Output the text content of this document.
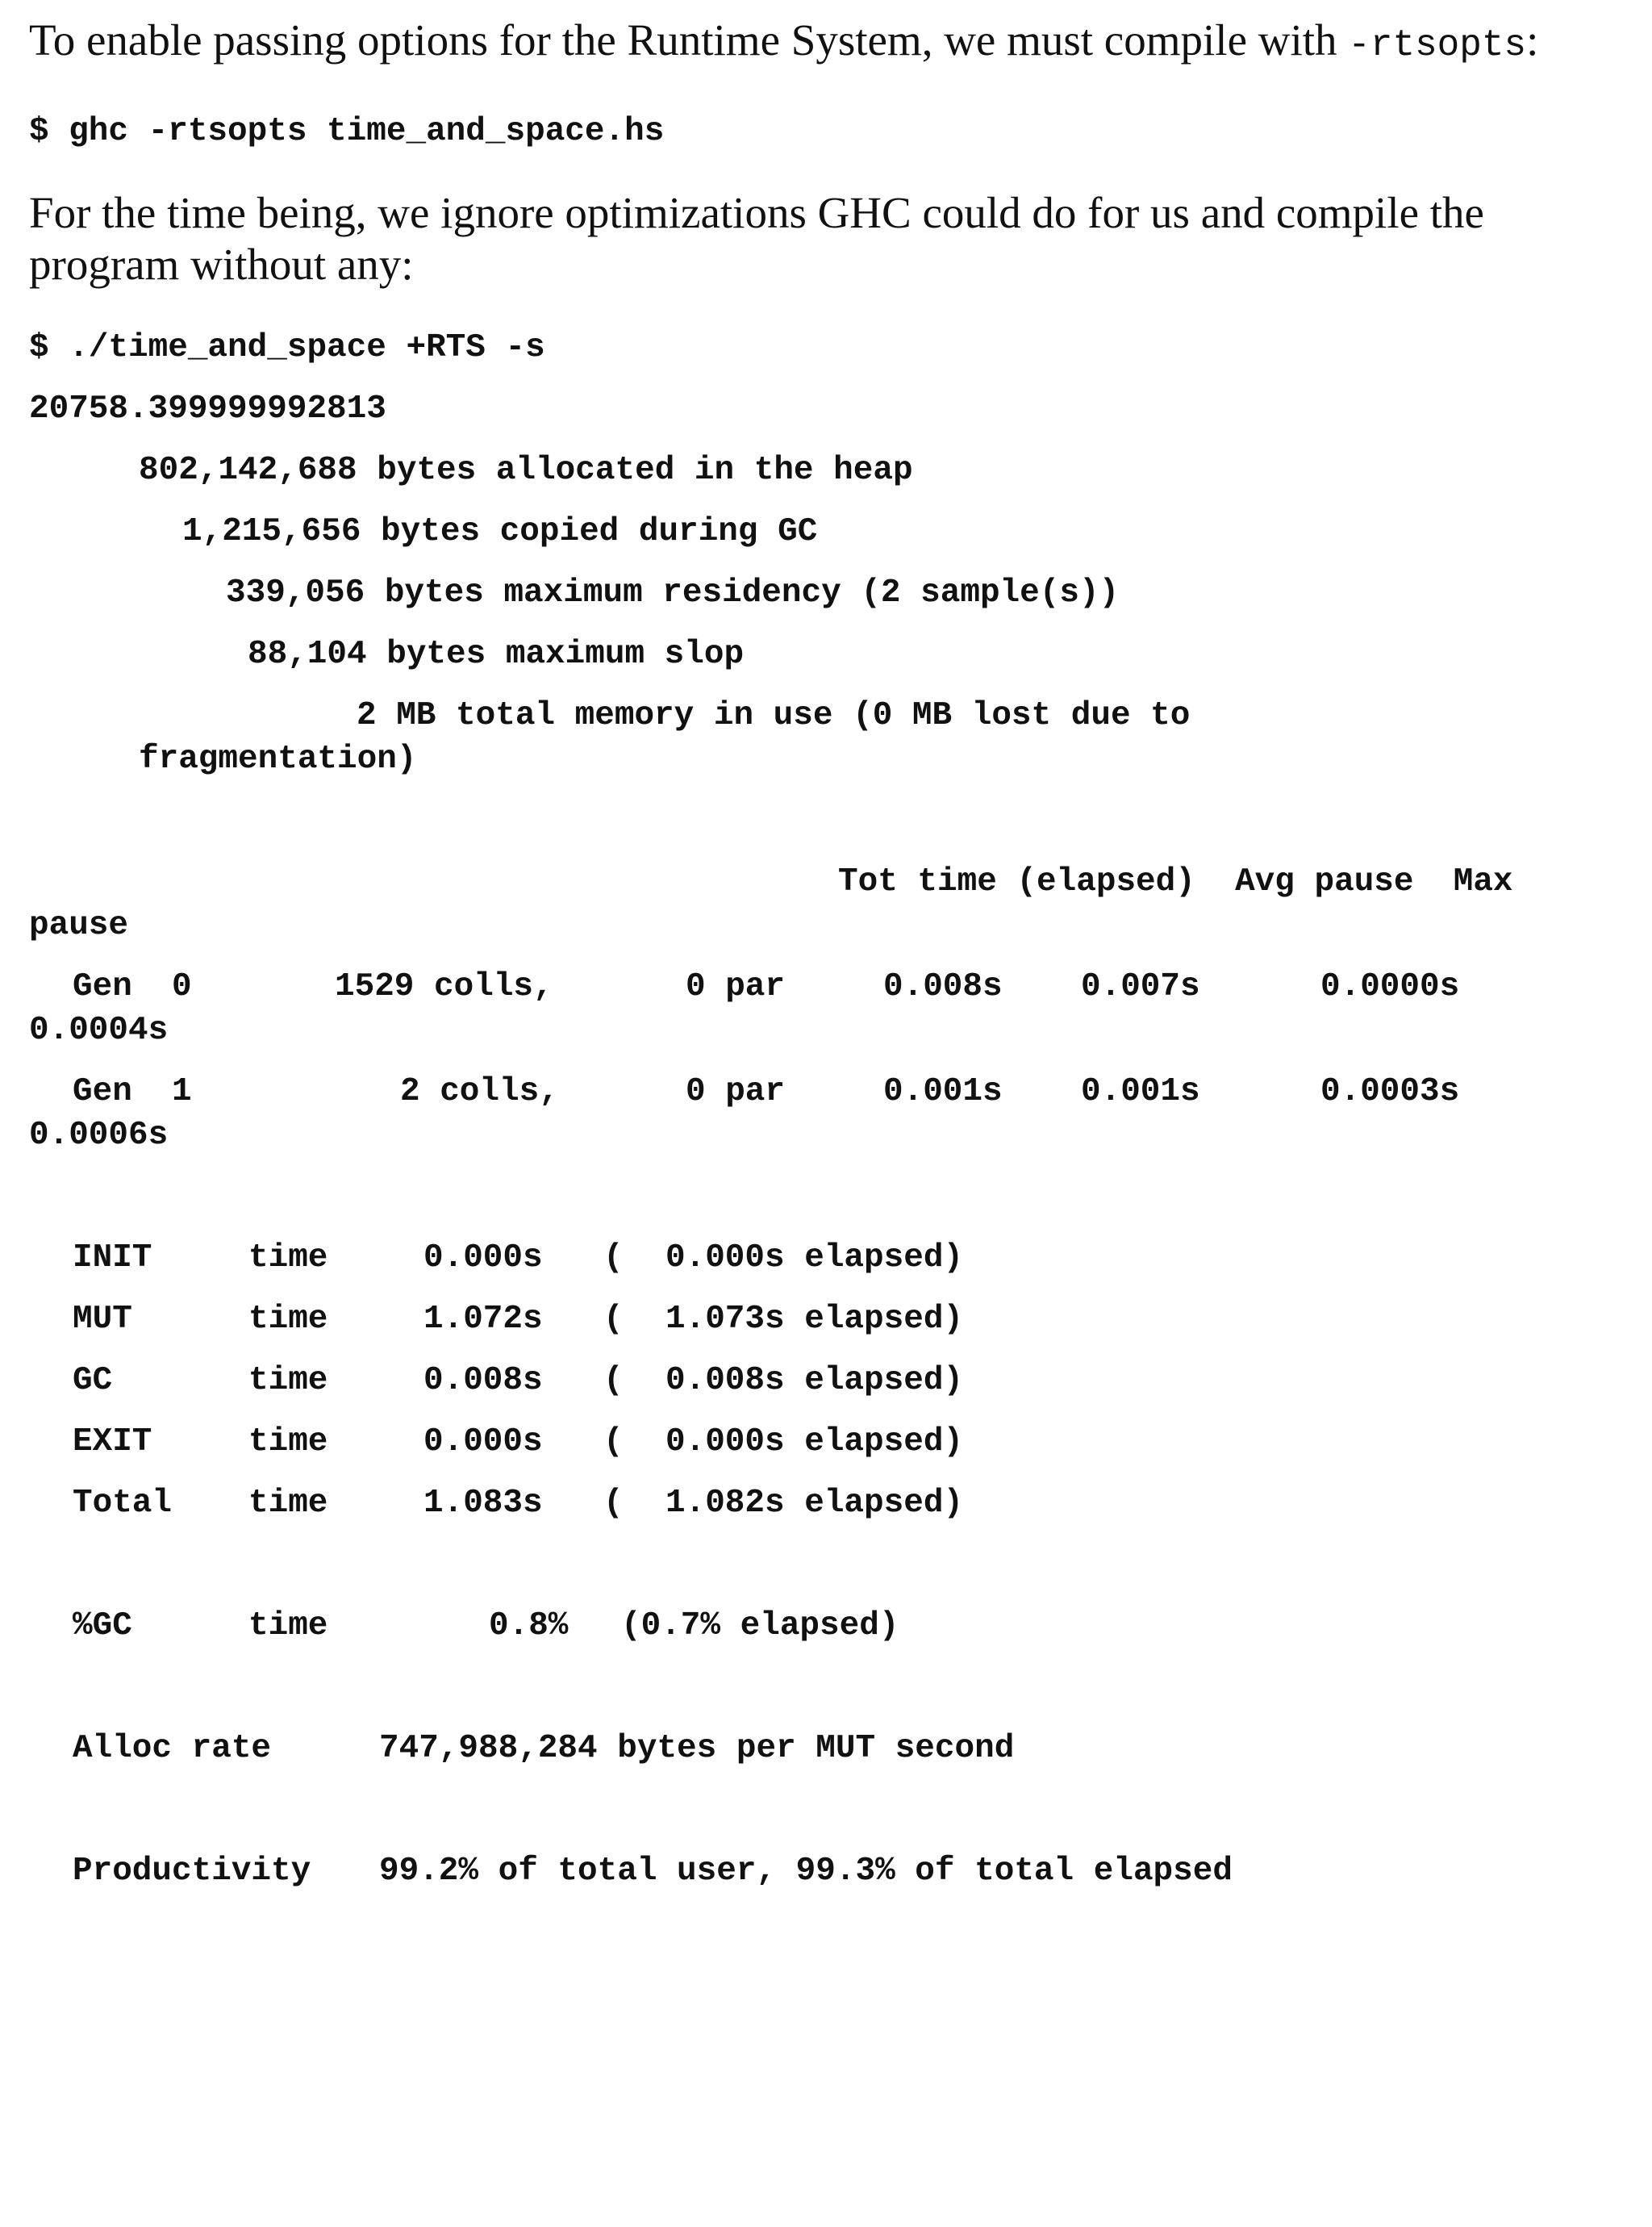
To enable passing options for the Runtime System, we must compile with -rtsopts:

$ ghc -rtsopts time_and_space.hs

For the time being, we ignore optimizations GHC could do for us and compile the program without any:

$ ./time_and_space +RTS -s
20758.399999992813
802,142,688 bytes allocated in the heap
1,215,656 bytes copied during GC
339,056 bytes maximum residency (2 sample(s))
88,104 bytes maximum slop
2 MB total memory in use (0 MB lost due to
fragmentation)
Tot time (elapsed)  Avg pause  Max
pause
Gen  0	1529 colls,	0 par	0.008s 0.007s	0.0000s
0.0004s
Gen  1	2 colls,	0 par	0.001s 0.001s	0.0003s
0.0006s
INIT	time	0.000s ( 0.000s elapsed)
MUT	time	1.072s ( 1.073s elapsed)
GC	time	0.008s ( 0.008s elapsed)
EXIT	time	0.000s ( 0.000s elapsed)
Total time	1.083s ( 1.082s elapsed)
%GC	time	0.8% (0.7% elapsed)
Alloc rate	747,988,284 bytes per MUT second
Productivity 99.2% of total user, 99.3% of total elapsed
